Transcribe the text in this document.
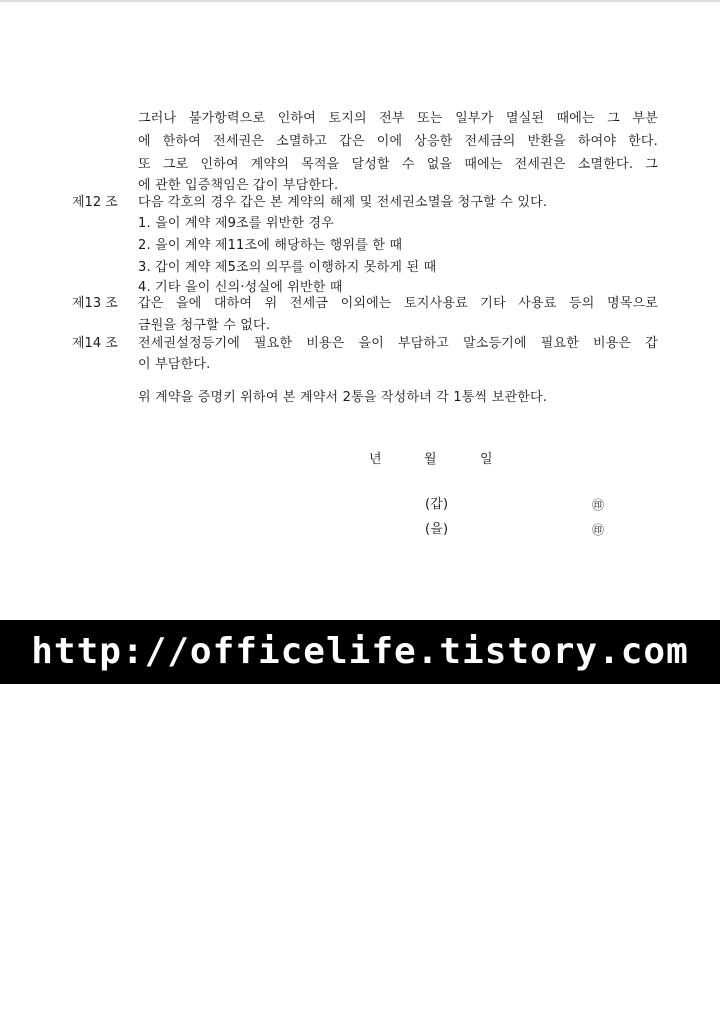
그러나 불가항력으로 인하여 토지의 전부 또는 일부가 멸실된 때에는 그 부분
에 한하여 전세권은 소멸하고 갑은 이에 상응한 전세금의 반환을 하여야 한다.
또 그로 인하여 계약의 목적을 달성할 수 없을 때에는 전세권은 소멸한다. 그
에 관한 입증책임은 갑이 부담한다.
제12 조 다음 각호의 경우 갑은 본 계약의 해제 및 전세권소멸을 청구할 수 있다.
1. 을이 계약 제9조를 위반한 경우
2. 을이 계약 제11조에 해당하는 행위를 한 때
3. 갑이 계약 제5조의 의무를 이행하지 못하게 된 때
4. 기타 을이 신의·성실에 위반한 때
제13 조 갑은 을에 대하여 위 전세금 이외에는 토지사용료 기타 사용료 등의 명목으로
금원을 청구할 수 없다.
제14 조 전세권설정등기에 필요한 비용은 을이 부담하고 말소등기에 필요한 비용은 갑
이 부담한다.
위 계약을 증명키 위하여 본 계약서 2통을 작성하녀 각 1통씩 보관한다.
년	월	일
(갑)	㊞
(을)	㊞
http://officelife.tistory.com
